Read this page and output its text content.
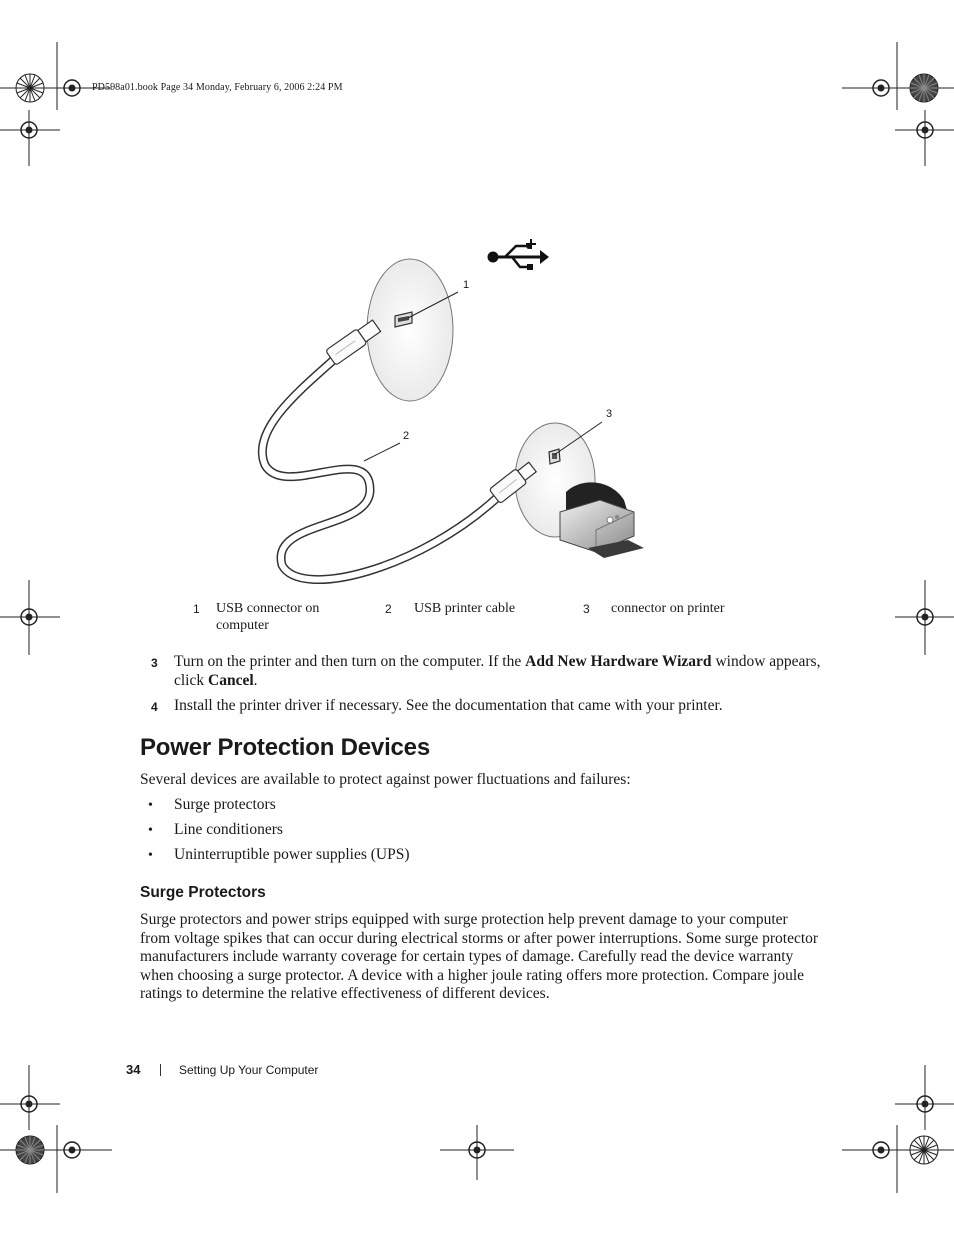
PD598a01.book Page 34 Monday, February 6, 2006 2:24 PM
1
2
3
1 USB connector on computer
2 USB printer cable	3 connector on printer
3 Turn on the printer and then turn on the computer. If the Add New Hardware Wizard window appears, click Cancel.
4 Install the printer driver if necessary. See the documentation that came with your printer.
Power Protection Devices
Several devices are available to protect against power fluctuations and failures:
• Surge protectors
• Line conditioners
• Uninterruptible power supplies (UPS)
Surge Protectors
Surge protectors and power strips equipped with surge protection help prevent damage to your computer from voltage spikes that can occur during electrical storms or after power interruptions. Some surge protector manufacturers include warranty coverage for certain types of damage. Carefully read the device warranty when choosing a surge protector. A device with a higher joule rating offers more protection. Compare joule ratings to determine the relative effectiveness of different devices.
34	Setting Up Your Computer
